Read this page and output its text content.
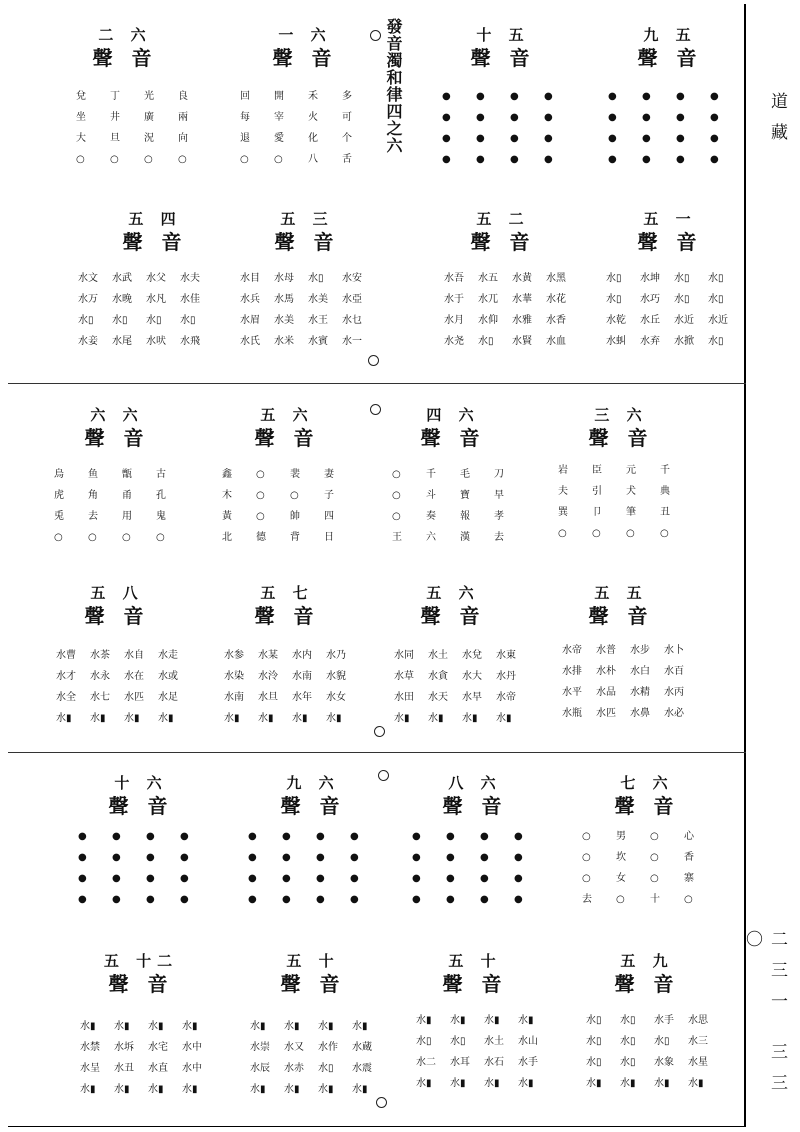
發音濁和律四之六	道藏
二三一 三三〇
二 六
聲 音
一 六
聲 音
十 五
聲 音
九 五
聲 音
五 四
聲 音
五 三
聲 音
五 二
聲 音
五 一
聲 音
六 六
聲 音
五 六
聲 音
四 六
聲 音
三 六
聲 音
五 八
聲 音
五 七
聲 音
五 六
聲 音
五 五
聲 音
十 六
聲 音
九 六
聲 音
八 六
聲 音
七 六
聲 音
五 十二
聲 音
五 十
聲 音
五 十
聲 音
五 九
聲 音
兌	丁	光	良
坐	井	廣	兩
大	旦	況	向
○	○	○	○
回	開	禾	多
每	宰	火	可
退	愛	化	个
○	○	八	舌
●	●	●	●
●	●	●	●
●	●	●	●
●	●	●	●
●	●	●	●
●	●	●	●
●	●	●	●
●	●	●	●
水文	水武	水父	水夫
水万	水晚	水凡	水佳
水▯	水▯	水▯	水▯
水妾	水尾	水吠	水飛
水目	水母	水▯	水安
水兵	水馬	水美	水亞
水眉	水美	水王	水乜
水氏	水米	水賓	水一
水吾	水五	水黄	水黑
水于	水兀	水華	水花
水月	水仰	水雅	水香
水尧	水▯	水賢	水血
水▯	水坤	水▯	水▯
水▯	水巧	水▯	水▯
水乾	水丘	水近	水近
水虯	水弃	水掀	水▯
烏	鱼	甑	古
虎	角	甬	孔
兎	去	用	鬼
○	○	○	○
鑫	○	裴	妻
木	○	○	子
黃	○	帥	四
北	德	背	日
○	千	毛	刀
○	斗	寶	早
○	奏	報	孝
王	六	漢	去
岩	臣	元	千
夫	引	犬	典
巽	卩	筆	丑
○	○	○	○
水曹	水茶	水自	水走
水才	水永	水在	水或
水全	水七	水匹	水足
水▮	水▮	水▮	水▮
水参	水某	水内	水乃
水染	水泠	水南	水貎
水南	水旦	水年	水女
水▮	水▮	水▮	水▮
水同	水土	水兌	水東
水草	水貪	水大	水丹
水田	水天	水早	水帝
水▮	水▮	水▮	水▮
水帝	水普	水步	水卜
水排	水朴	水白	水百
水平	水品	水精	水丙
水瓶	水匹	水鼻	水必
●	●	●	●
●	●	●	●
●	●	●	●
●	●	●	●
●	●	●	●
●	●	●	●
●	●	●	●
●	●	●	●
●	●	●	●
●	●	●	●
●	●	●	●
●	●	●	●
○	男	○	心
○	坎	○	香
○	女	○	寨
去	○	十	○
水▮	水▮	水▮	水▮
水禁	水坼	水宅	水中
水呈	水丑	水直	水中
水▮	水▮	水▮	水▮
水▮	水▮	水▮	水▮
水崇	水又	水作	水蔵
水辰	水赤	水▯	水震
水▮	水▮	水▮	水▮
水▮	水▮	水▮	水▮
水▯	水▯	水土	水山
水二	水耳	水石	水手
水▮	水▮	水▮	水▮
水▯	水▯	水手	水思
水▯	水▯	水▯	水三
水▯	水▯	水象	水星
水▮	水▮	水▮	水▮
